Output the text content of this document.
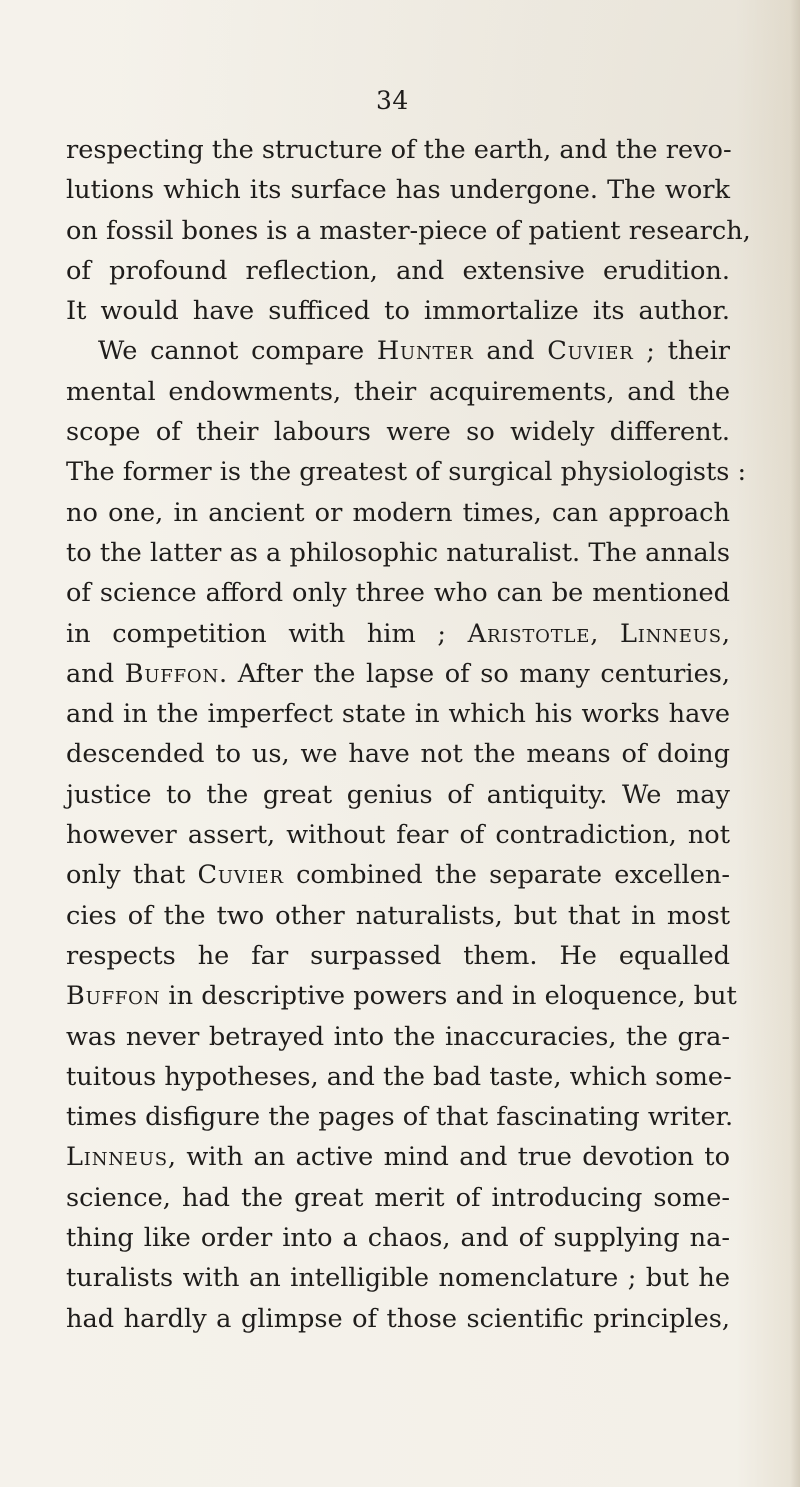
34
respecting the structure of the earth, and the revo-
lutions which its surface has undergone. The work
on fossil bones is a master-piece of patient research,
of profound reflection, and extensive erudition.
It would have sufficed to immortalize its author.
We cannot compare Hunter and Cuvier ; their
mental endowments, their acquirements, and the
scope of their labours were so widely different.
The former is the greatest of surgical physiologists :
no one, in ancient or modern times, can approach
to the latter as a philosophic naturalist. The annals
of science afford only three who can be mentioned
in competition with him ; Aristotle, Linneus,
and Buffon. After the lapse of so many centuries,
and in the imperfect state in which his works have
descended to us, we have not the means of doing
justice to the great genius of antiquity. We may
however assert, without fear of contradiction, not
only that Cuvier combined the separate excellen-
cies of the two other naturalists, but that in most
respects he far surpassed them. He equalled
Buffon in descriptive powers and in eloquence, but
was never betrayed into the inaccuracies, the gra-
tuitous hypotheses, and the bad taste, which some-
times disfigure the pages of that fascinating writer.
Linneus, with an active mind and true devotion to
science, had the great merit of introducing some-
thing like order into a chaos, and of supplying na-
turalists with an intelligible nomenclature ; but he
had hardly a glimpse of those scientific principles,
